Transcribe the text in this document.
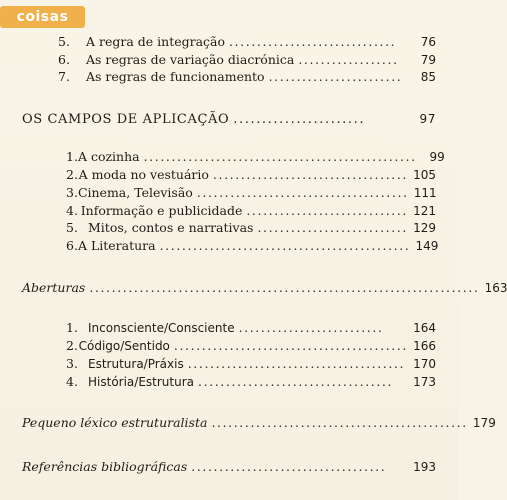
coisas
5.	A regra de integração ..............................	76
6.	As regras de variação diacrónica ..................	79
7.	As regras de funcionamento ........................	85
OS CAMPOS DE APLICAÇÃO .......................	97
1. A cozinha .................................................	99
2. A moda no vestuário ................................... 105
3. Cinema, Televisão ...................................... 111
4. Informação e publicidade ............................. 121
5. Mitos, contos e narrativas ........................... 129
6. A Literatura ............................................. 149
Aberturas ...................................................................... 163
1. Inconsciente/Consciente ..........................	164
2. Código/Sentido .......................................... 166
3. Estrutura/Práxis ....................................... 170
4. História/Estrutura ...................................	173
Pequeno léxico estruturalista .............................................. 179
Referências bibliográficas ...................................	193
